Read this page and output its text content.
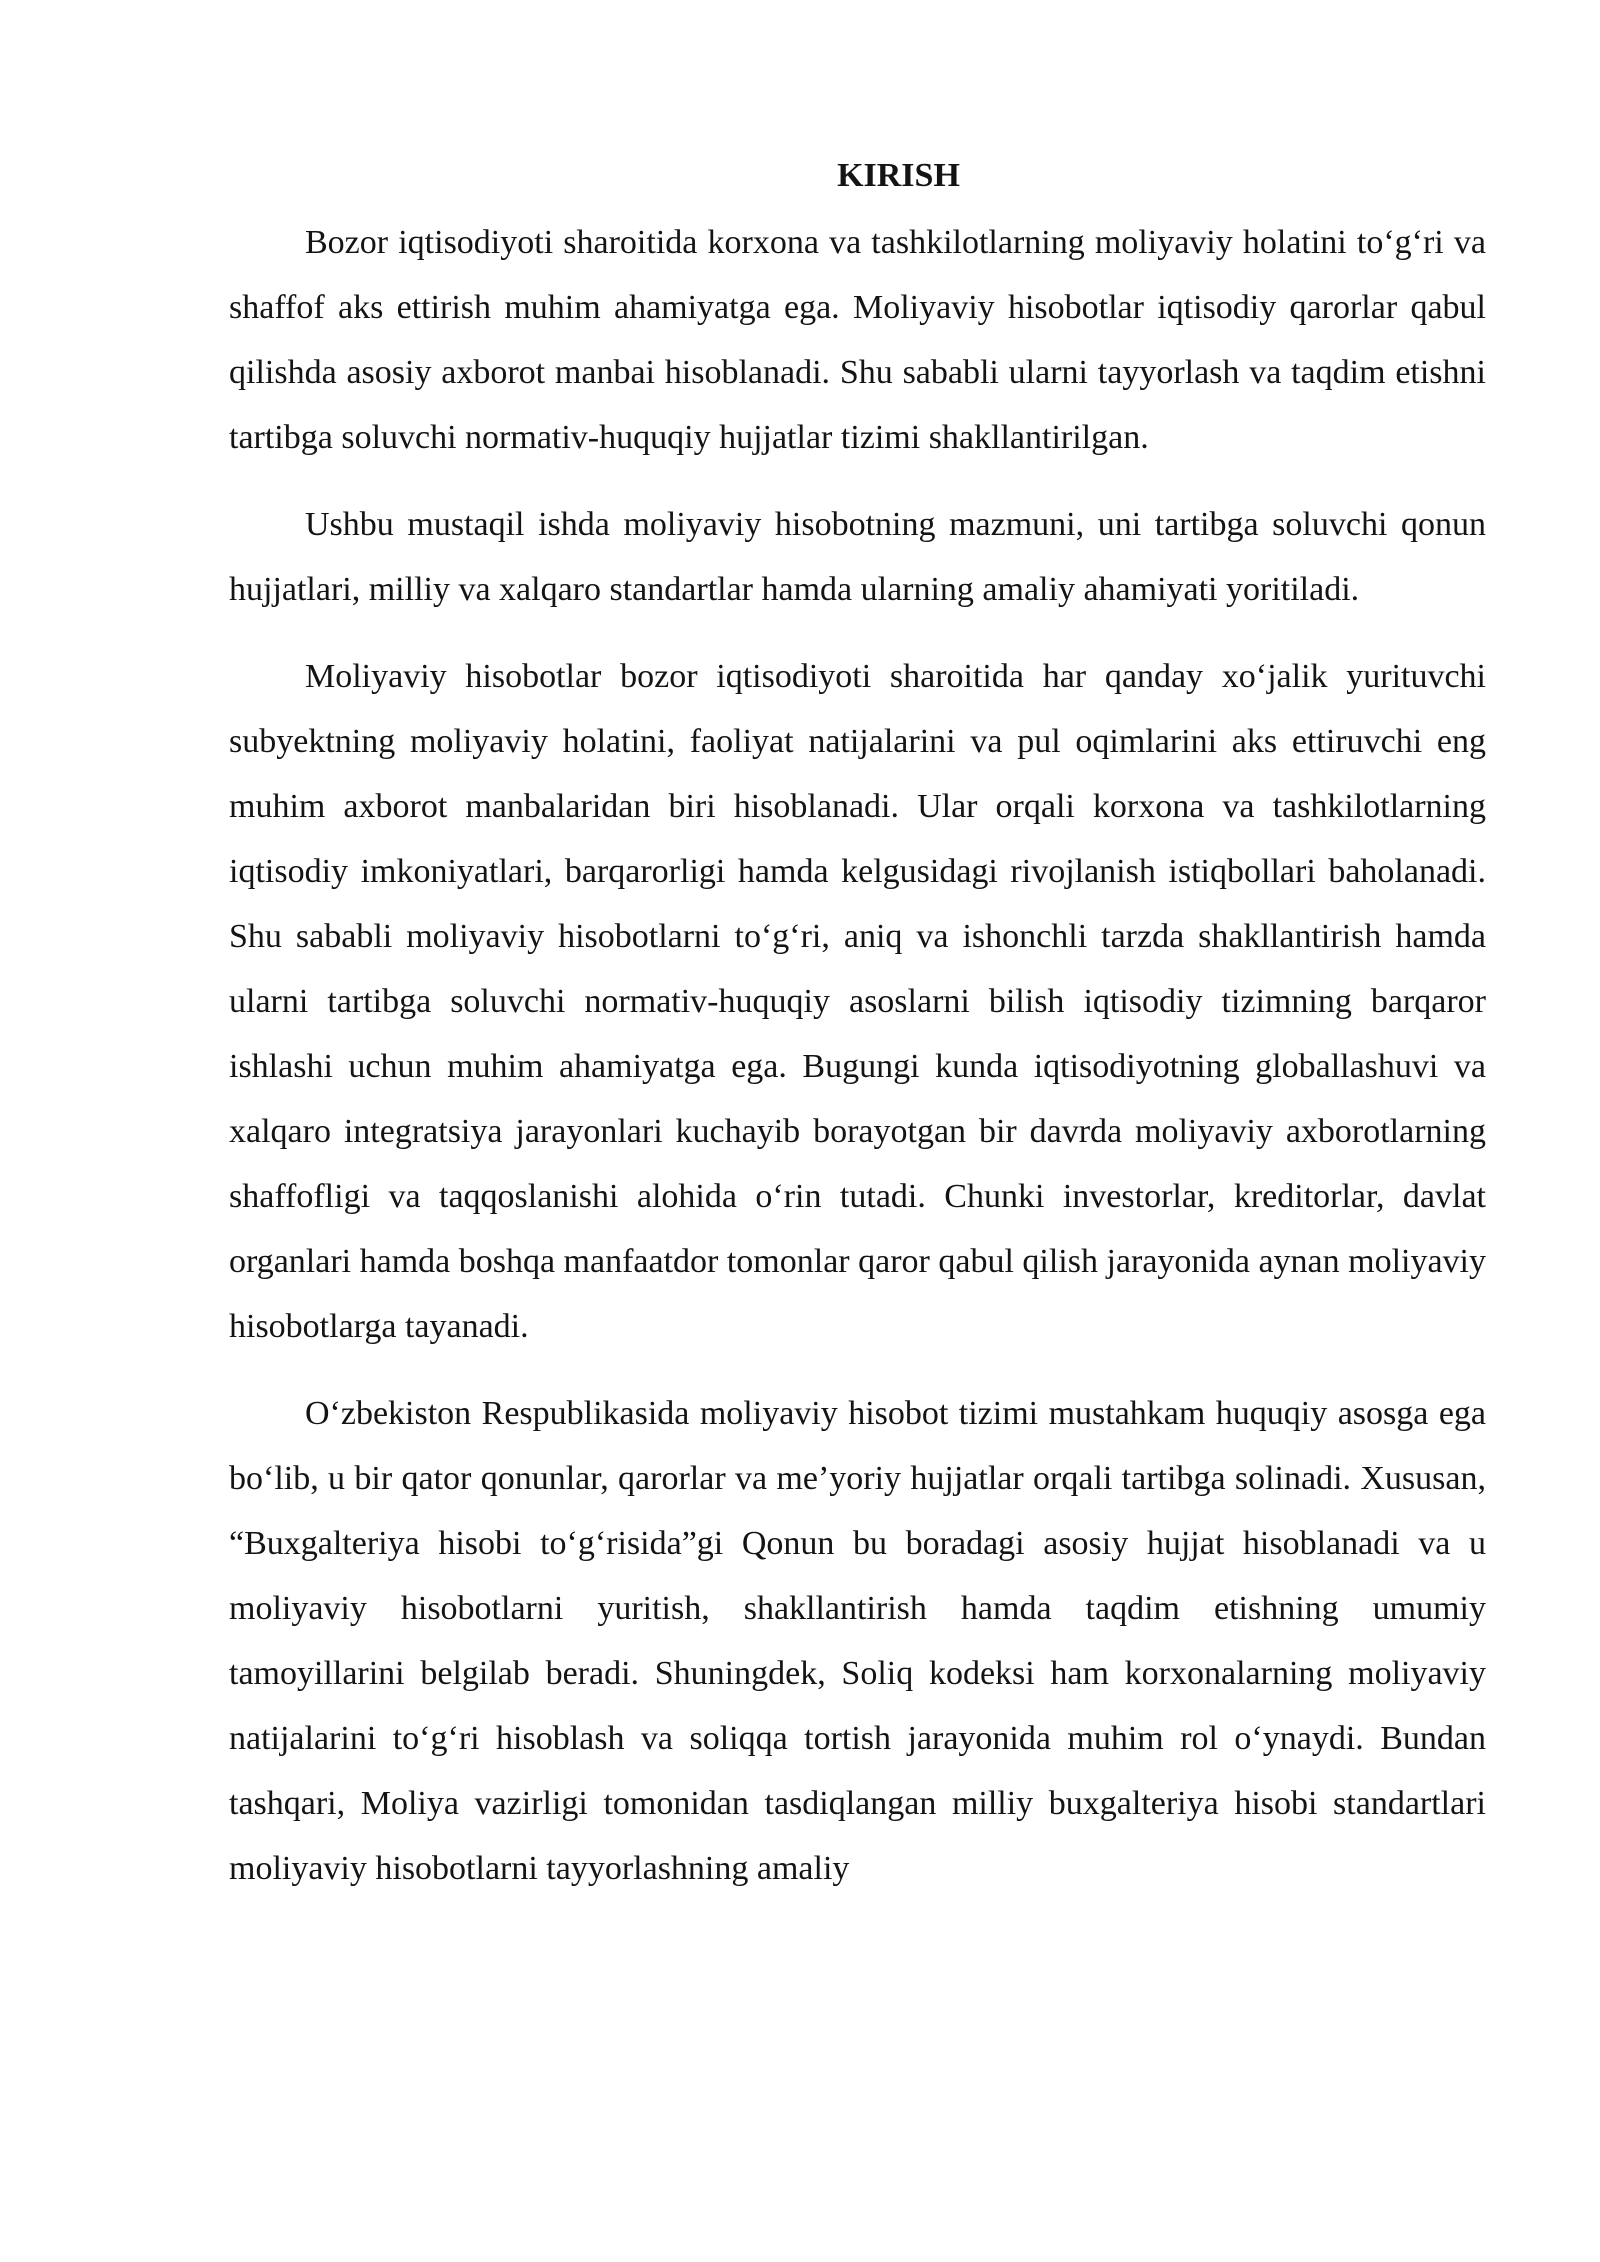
KIRISH

Bozor iqtisodiyoti sharoitida korxona va tashkilotlarning moliyaviy holatini to‘g‘ri va shaffof aks ettirish muhim ahamiyatga ega. Moliyaviy hisobotlar iqtisodiy qarorlar qabul qilishda asosiy axborot manbai hisoblanadi. Shu sababli ularni tayyorlash va taqdim etishni tartibga soluvchi normativ-huquqiy hujjatlar tizimi shakllantirilgan.

Ushbu mustaqil ishda moliyaviy hisobotning mazmuni, uni tartibga soluvchi qonun hujjatlari, milliy va xalqaro standartlar hamda ularning amaliy ahamiyati yoritiladi.

Moliyaviy hisobotlar bozor iqtisodiyoti sharoitida har qanday xo‘jalik yurituvchi subyektning moliyaviy holatini, faoliyat natijalarini va pul oqimlarini aks ettiruvchi eng muhim axborot manbalaridan biri hisoblanadi. Ular orqali korxona va tashkilotlarning iqtisodiy imkoniyatlari, barqarorligi hamda kelgusidagi rivojlanish istiqbollari baholanadi. Shu sababli moliyaviy hisobotlarni to‘g‘ri, aniq va ishonchli tarzda shakllantirish hamda ularni tartibga soluvchi normativ-huquqiy asoslarni bilish iqtisodiy tizimning barqaror ishlashi uchun muhim ahamiyatga ega. Bugungi kunda iqtisodiyotning globallashuvi va xalqaro integratsiya jarayonlari kuchayib borayotgan bir davrda moliyaviy axborotlarning shaffofligi va taqqoslanishi alohida o‘rin tutadi. Chunki investorlar, kreditorlar, davlat organlari hamda boshqa manfaatdor tomonlar qaror qabul qilish jarayonida aynan moliyaviy hisobotlarga tayanadi.

O‘zbekiston Respublikasida moliyaviy hisobot tizimi mustahkam huquqiy asosga ega bo‘lib, u bir qator qonunlar, qarorlar va me’yoriy hujjatlar orqali tartibga solinadi. Xususan, “Buxgalteriya hisobi to‘g‘risida”gi Qonun bu boradagi asosiy hujjat hisoblanadi va u moliyaviy hisobotlarni yuritish, shakllantirish hamda taqdim etishning umumiy tamoyillarini belgilab beradi. Shuningdek, Soliq kodeksi ham korxonalarning moliyaviy natijalarini to‘g‘ri hisoblash va soliqqa tortish jarayonida muhim rol o‘ynaydi. Bundan tashqari, Moliya vazirligi tomonidan tasdiqlangan milliy buxgalteriya hisobi standartlari moliyaviy hisobotlarni tayyorlashning amaliy
